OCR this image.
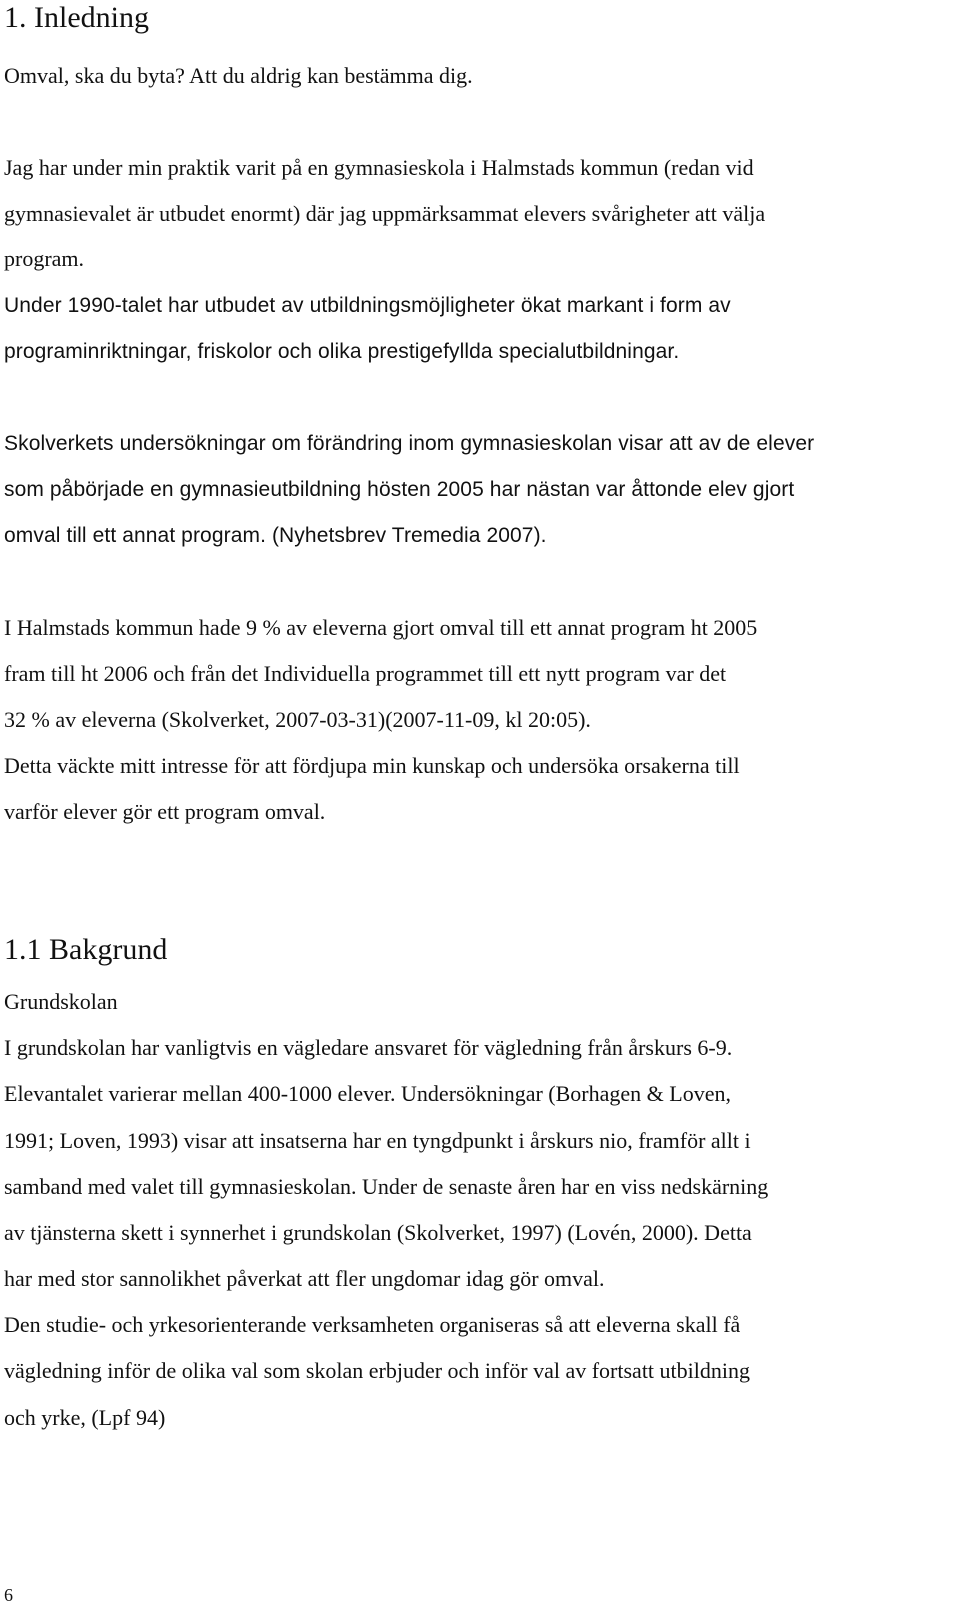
1. Inledning
Omval, ska du byta? Att du aldrig kan bestämma dig.
Jag har under min praktik varit på en gymnasieskola i Halmstads kommun (redan vid
gymnasievalet är utbudet enormt) där jag uppmärksammat elevers svårigheter att välja
program.
Under 1990-talet har utbudet av utbildningsmöjligheter ökat markant i form av
programinriktningar, friskolor och olika prestigefyllda specialutbildningar.
Skolverkets undersökningar om förändring inom gymnasieskolan visar att av de elever
som påbörjade en gymnasieutbildning hösten 2005 har nästan var åttonde elev gjort
omval till ett annat program. (Nyhetsbrev Tremedia 2007).
I Halmstads kommun hade 9 % av eleverna gjort omval till ett annat program ht 2005
fram till ht 2006 och från det Individuella programmet till ett nytt program var det
32 % av eleverna (Skolverket, 2007-03-31)(2007-11-09, kl 20:05).
Detta väckte mitt intresse för att fördjupa min kunskap och undersöka orsakerna till
varför elever gör ett program omval.
1.1 Bakgrund
Grundskolan
I grundskolan har vanligtvis en vägledare ansvaret för vägledning från årskurs 6-9.
Elevantalet varierar mellan 400-1000 elever. Undersökningar (Borhagen & Loven,
1991; Loven, 1993) visar att insatserna har en tyngdpunkt i årskurs nio, framför allt i
samband med valet till gymnasieskolan. Under de senaste åren har en viss nedskärning
av tjänsterna skett i synnerhet i grundskolan (Skolverket, 1997) (Lovén, 2000). Detta
har med stor sannolikhet påverkat att fler ungdomar idag gör omval.
Den studie- och yrkesorienterande verksamheten organiseras så att eleverna skall få
vägledning inför de olika val som skolan erbjuder och inför val av fortsatt utbildning
och yrke, (Lpf 94)
6
